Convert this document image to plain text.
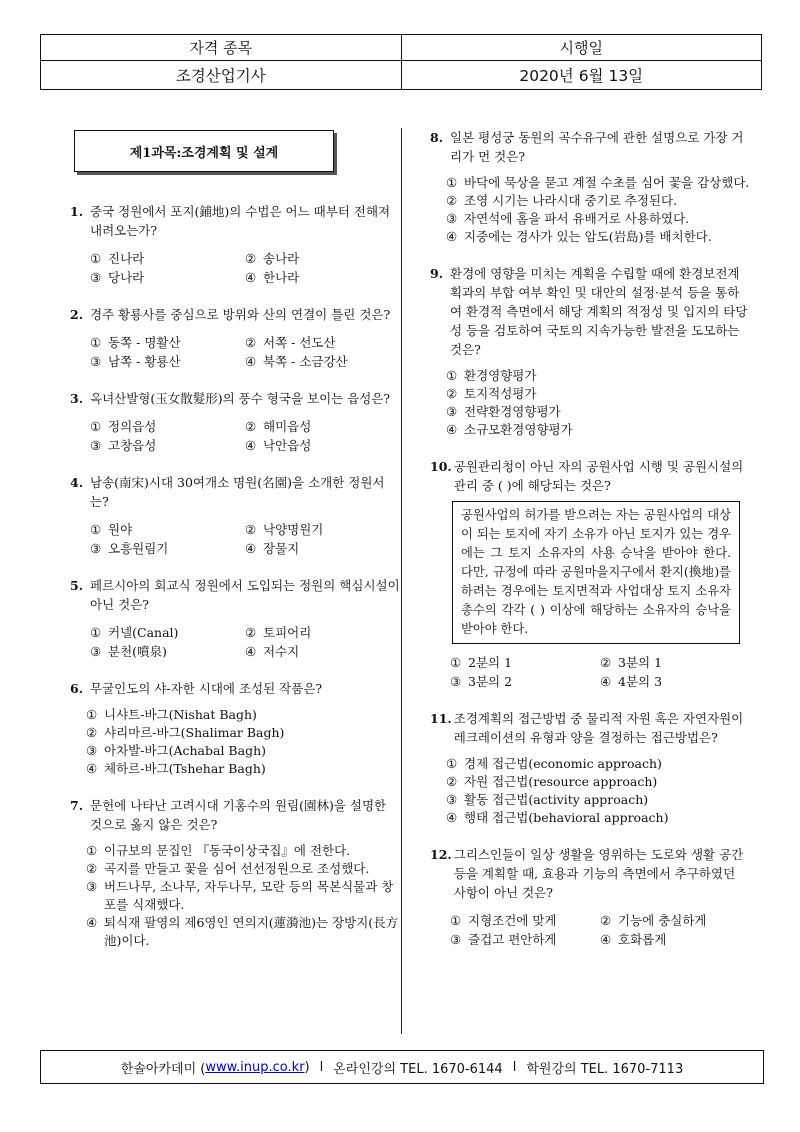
자격 종목	시행일
조경산업기사	2020년 6월 13일
제1과목:조경계획 및 설계
1. 중국 정원에서 포지(鋪地)의 수법은 어느 때부터 전해져 내려오는가?
① 진나라	② 송나라
③ 당나라	④ 한나라
2. 경주 황룡사를 중심으로 방위와 산의 연결이 틀린 것은?
① 동쪽 - 명활산	② 서쪽 - 선도산
③ 남쪽 - 황룡산	④ 북쪽 - 소금강산
3. 옥녀산발형(玉女散髮形)의 풍수 형국을 보이는 읍성은?
① 정의읍성	② 해미읍성
③ 고창읍성	④ 낙안읍성
4. 남송(南宋)시대 30여개소 명원(名園)을 소개한 정원서는?
① 원야	② 낙양명원기
③ 오흥원림기	④ 장물지
5. 페르시아의 회교식 정원에서 도입되는 정원의 핵심시설이 아닌 것은?
① 커넬(Canal)	② 토피어리
③ 분천(噴泉)	④ 저수지
6. 무굴인도의 샤-자한 시대에 조성된 작품은?
① 니샤트-바그(Nishat Bagh)
② 샤리마르-바그(Shalimar Bagh)
③ 아차발-바그(Achabal Bagh)
④ 체하르-바그(Tshehar Bagh)
7. 문헌에 나타난 고려시대 기홍수의 원림(園林)을 설명한 것으로 옳지 않은 것은?
① 이규보의 문집인 『동국이상국집』에 전한다.
② 곡지를 만들고 꽃을 심어 선선정원으로 조성했다.
③ 버드나무, 소나무, 자두나무, 모란 등의 목본식물과 창포를 식재했다.
④ 퇴식재 팔영의 제6영인 연의지(蓮漪池)는 장방지(長方池)이다.
8. 일본 평성궁 동원의 곡수유구에 관한 설명으로 가장 거리가 먼 것은?
① 바닥에 묵상을 묻고 계절 수초를 심어 꽃을 감상했다.
② 조영 시기는 나라시대 중기로 추정된다.
③ 자연석에 홈을 파서 유배거로 사용하였다.
④ 지중에는 경사가 있는 암도(岩島)를 배치한다.
9. 환경에 영향을 미치는 계획을 수립할 때에 환경보전계획과의 부합 여부 확인 및 대안의 설정·분석 등을 통하여 환경적 측면에서 해당 계획의 적정성 및 입지의 타당성 등을 검토하여 국토의 지속가능한 발전을 도모하는 것은?
① 환경영향평가
② 토지적성평가
③ 전략환경영향평가
④ 소규모환경영향평가
10. 공원관리청이 아닌 자의 공원사업 시행 및 공원시설의 관리 중 ( )에 해당되는 것은?
공원사업의 허가를 받으려는 자는 공원사업의 대상이 되는 토지에 자기 소유가 아닌 토지가 있는 경우에는 그 토지 소유자의 사용 승낙을 받아야 한다. 다만, 규정에 따라 공원마을지구에서 환지(換地)를 하려는 경우에는 토지면적과 사업대상 토지 소유자 총수의 각각 ( ) 이상에 해당하는 소유자의 승낙을 받아야 한다.
① 2분의 1	② 3분의 1
③ 3분의 2	④ 4분의 3
11. 조경계획의 접근방법 중 물리적 자원 혹은 자연자원이 레크레이션의 유형과 양을 결정하는 접근방법은?
① 경제 접근법(economic approach)
② 자원 접근법(resource approach)
③ 활동 접근법(activity approach)
④ 행태 접근법(behavioral approach)
12. 그리스인들이 일상 생활을 영위하는 도로와 생활 공간 등을 계획할 때, 효용과 기능의 측면에서 추구하였던 사항이 아닌 것은?
① 지형조건에 맞게	② 기능에 충실하게
③ 즐겁고 편안하게	④ 호화롭게
한솔아카데미 ( www.inup.co.kr ) l 온라인강의 TEL. 1670-6144 l 학원강의 TEL. 1670-7113
